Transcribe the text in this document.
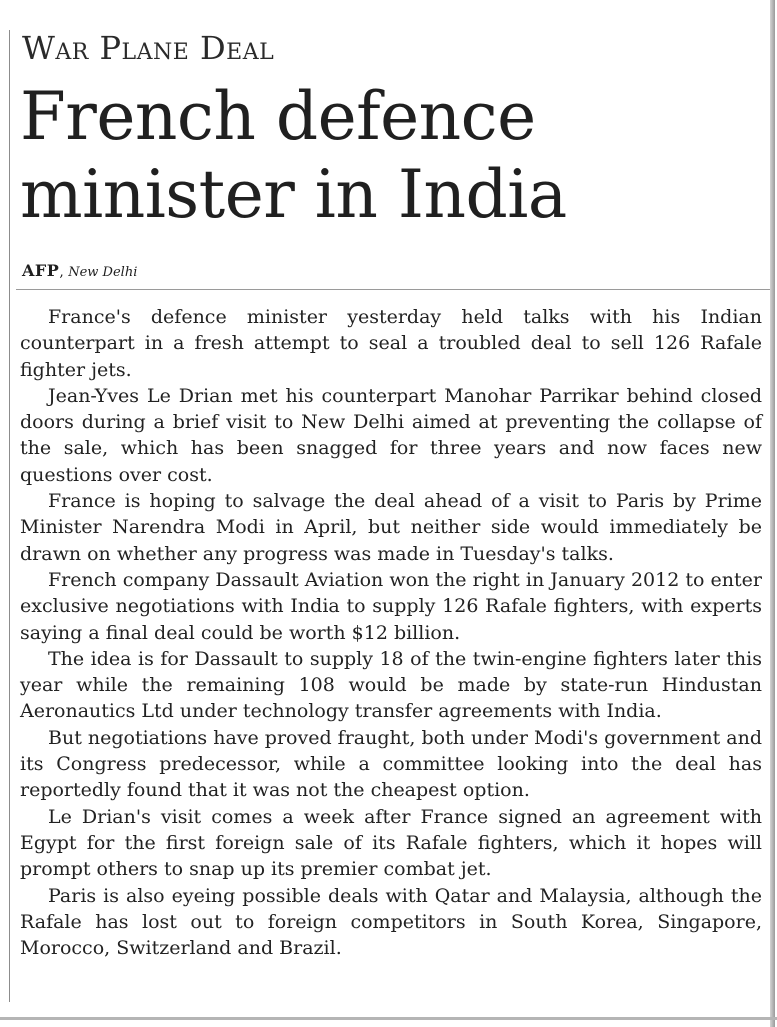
War Plane Deal
French defence minister in India
AFP, New Delhi

France's defence minister yesterday held talks with his Indian counterpart in a fresh attempt to seal a troubled deal to sell 126 Rafale fighter jets.

Jean-Yves Le Drian met his counterpart Manohar Parrikar behind closed doors during a brief visit to New Delhi aimed at preventing the collapse of the sale, which has been snagged for three years and now faces new questions over cost.

France is hoping to salvage the deal ahead of a visit to Paris by Prime Minister Narendra Modi in April, but neither side would immediately be drawn on whether any progress was made in Tuesday's talks.

French company Dassault Aviation won the right in January 2012 to enter exclusive negotiations with India to supply 126 Rafale fighters, with experts saying a final deal could be worth $12 billion.

The idea is for Dassault to supply 18 of the twin-engine fighters later this year while the remaining 108 would be made by state-run Hindustan Aeronautics Ltd under technology transfer agreements with India.

But negotiations have proved fraught, both under Modi's government and its Congress predecessor, while a committee looking into the deal has reportedly found that it was not the cheapest option.

Le Drian's visit comes a week after France signed an agreement with Egypt for the first foreign sale of its Rafale fighters, which it hopes will prompt others to snap up its premier combat jet.

Paris is also eyeing possible deals with Qatar and Malaysia, although the Rafale has lost out to foreign competitors in South Korea, Singapore, Morocco, Switzerland and Brazil.
